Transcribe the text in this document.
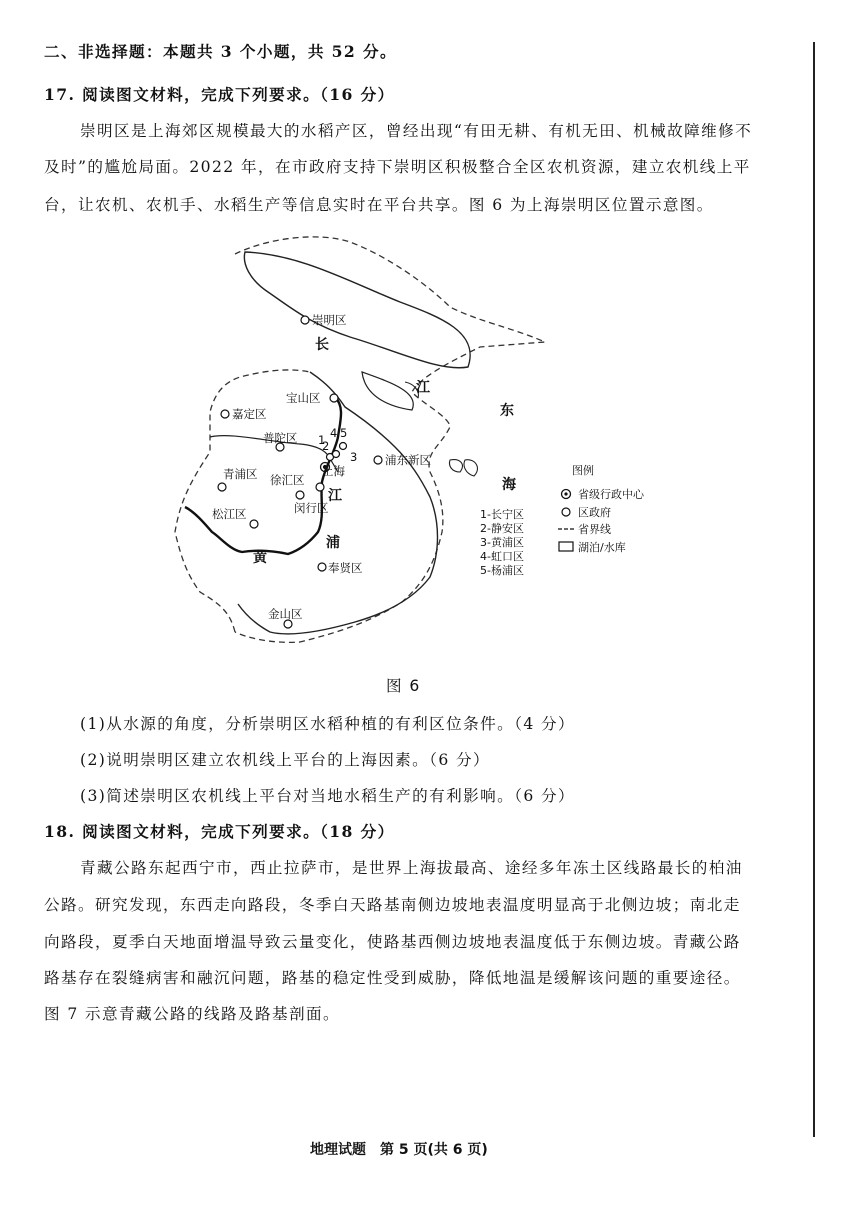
二、非选择题：本题共 3 个小题，共 52 分。
17. 阅读图文材料，完成下列要求。（16 分）
崇明区是上海郊区规模最大的水稻产区，曾经出现“有田无耕、有机无田、机械故障维修不
及时”的尴尬局面。2022 年，在市政府支持下崇明区积极整合全区农机资源，建立农机线上平
台，让农机、农机手、水稻生产等信息实时在平台共享。图 6 为上海崇明区位置示意图。
崇明区
宝山区
嘉定区
普陀区
青浦区 徐汇区
闵行区
松江区
浦东新区
奉贤区
金山区
上海
1
2
3
4 5
长
江
东
海
江
浦
黄
1-长宁区
2-静安区
3-黄浦区
4-虹口区
5-杨浦区
图例
省级行政中心
区政府
省界线
湖泊/水库
图 6
(1)从水源的角度，分析崇明区水稻种植的有利区位条件。（4 分）
(2)说明崇明区建立农机线上平台的上海因素。（6 分）
(3)简述崇明区农机线上平台对当地水稻生产的有利影响。（6 分）
18. 阅读图文材料，完成下列要求。（18 分）
青藏公路东起西宁市，西止拉萨市，是世界上海拔最高、途经多年冻土区线路最长的柏油
公路。研究发现，东西走向路段，冬季白天路基南侧边坡地表温度明显高于北侧边坡；南北走
向路段，夏季白天地面增温导致云量变化，使路基西侧边坡地表温度低于东侧边坡。青藏公路
路基存在裂缝病害和融沉问题，路基的稳定性受到威胁，降低地温是缓解该问题的重要途径。
图 7 示意青藏公路的线路及路基剖面。
地理试题　第 5 页(共 6 页)
